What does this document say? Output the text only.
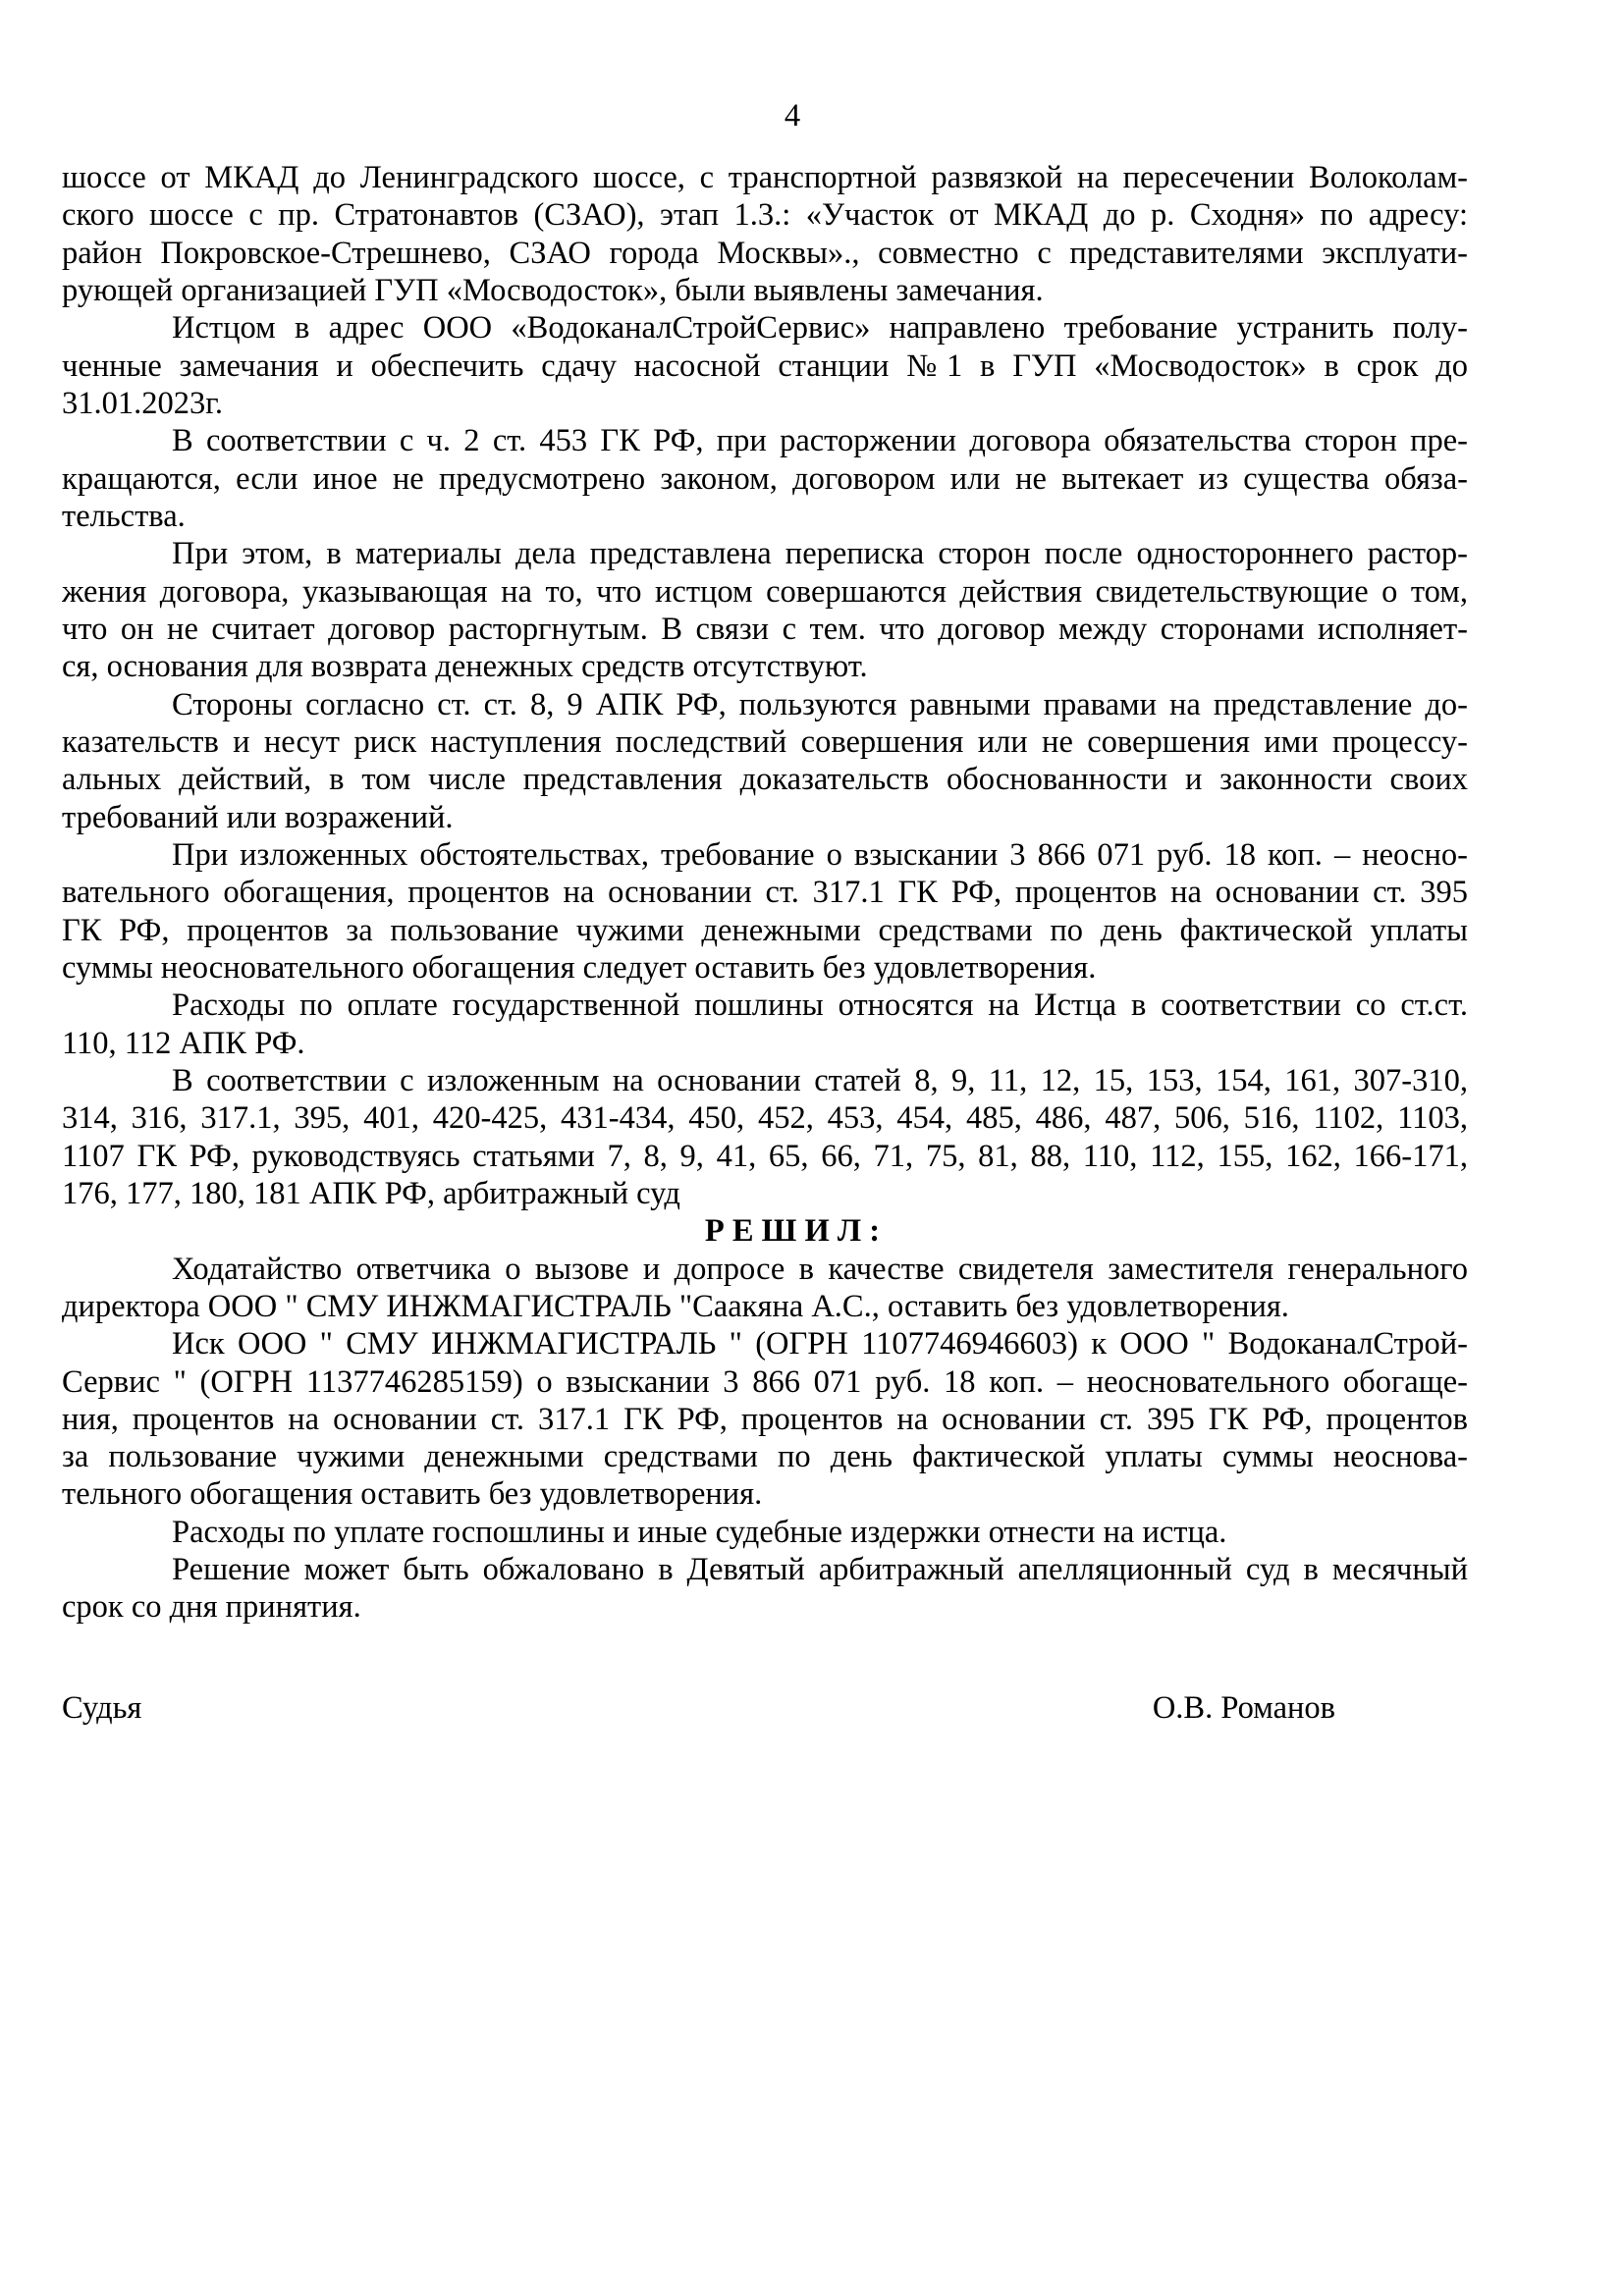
4
шоссе от МКАД до Ленинградского шоссе, с транспортной развязкой на пересечении Волоколам-
ского шоссе с пр. Стратонавтов (СЗАО), этап 1.3.: «Участок от МКАД до р. Сходня» по адресу:
район Покровское-Стрешнево, СЗАО города Москвы»., совместно с представителями эксплуати-
рующей организацией ГУП «Мосводосток», были выявлены замечания.
Истцом в адрес ООО «ВодоканалСтройСервис» направлено требование устранить полу-
ченные замечания и обеспечить сдачу насосной станции №1 в ГУП «Мосводосток» в срок до
31.01.2023г.
В соответствии с ч. 2 ст. 453 ГК РФ, при расторжении договора обязательства сторон пре-
кращаются, если иное не предусмотрено законом, договором или не вытекает из существа обяза-
тельства.
При этом, в материалы дела представлена переписка сторон после одностороннего растор-
жения договора, указывающая на то, что истцом совершаются действия свидетельствующие о том,
что он не считает договор расторгнутым. В связи с тем. что договор между сторонами исполняет-
ся, основания для возврата денежных средств отсутствуют.
Стороны согласно ст. ст. 8, 9 АПК РФ, пользуются равными правами на представление до-
казательств и несут риск наступления последствий совершения или не совершения ими процессу-
альных действий, в том числе представления доказательств обоснованности и законности своих
требований или возражений.
При изложенных обстоятельствах, требование о взыскании 3 866 071 руб. 18 коп. – неосно-
вательного обогащения, процентов на основании ст. 317.1 ГК РФ, процентов на основании ст. 395
ГК РФ, процентов за пользование чужими денежными средствами по день фактической уплаты
суммы неосновательного обогащения следует оставить без удовлетворения.
Расходы по оплате государственной пошлины относятся на Истца в соответствии со ст.ст.
110, 112 АПК РФ.
В соответствии с изложенным на основании статей 8, 9, 11, 12, 15, 153, 154, 161, 307-310,
314, 316, 317.1, 395, 401, 420-425, 431-434, 450, 452, 453, 454, 485, 486, 487, 506, 516, 1102, 1103,
1107 ГК РФ, руководствуясь статьями 7, 8, 9, 41, 65, 66, 71, 75, 81, 88, 110, 112, 155, 162, 166-171,
176, 177, 180, 181 АПК РФ, арбитражный суд
Р Е Ш И Л :
Ходатайство ответчика о вызове и допросе в качестве свидетеля заместителя генерального
директора ООО " СМУ ИНЖМАГИСТРАЛЬ "Саакяна А.С., оставить без удовлетворения.
Иск ООО " СМУ ИНЖМАГИСТРАЛЬ " (ОГРН 1107746946603) к ООО " ВодоканалСтрой-
Сервис " (ОГРН 1137746285159) о взыскании 3 866 071 руб. 18 коп. – неосновательного обогаще-
ния, процентов на основании ст. 317.1 ГК РФ, процентов на основании ст. 395 ГК РФ, процентов
за пользование чужими денежными средствами по день фактической уплаты суммы неоснова-
тельного обогащения оставить без удовлетворения.
Расходы по уплате госпошлины и иные судебные издержки отнести на истца.
Решение может быть обжаловано в Девятый арбитражный апелляционный суд в месячный
срок со дня принятия.
Судья	О.В. Романов
